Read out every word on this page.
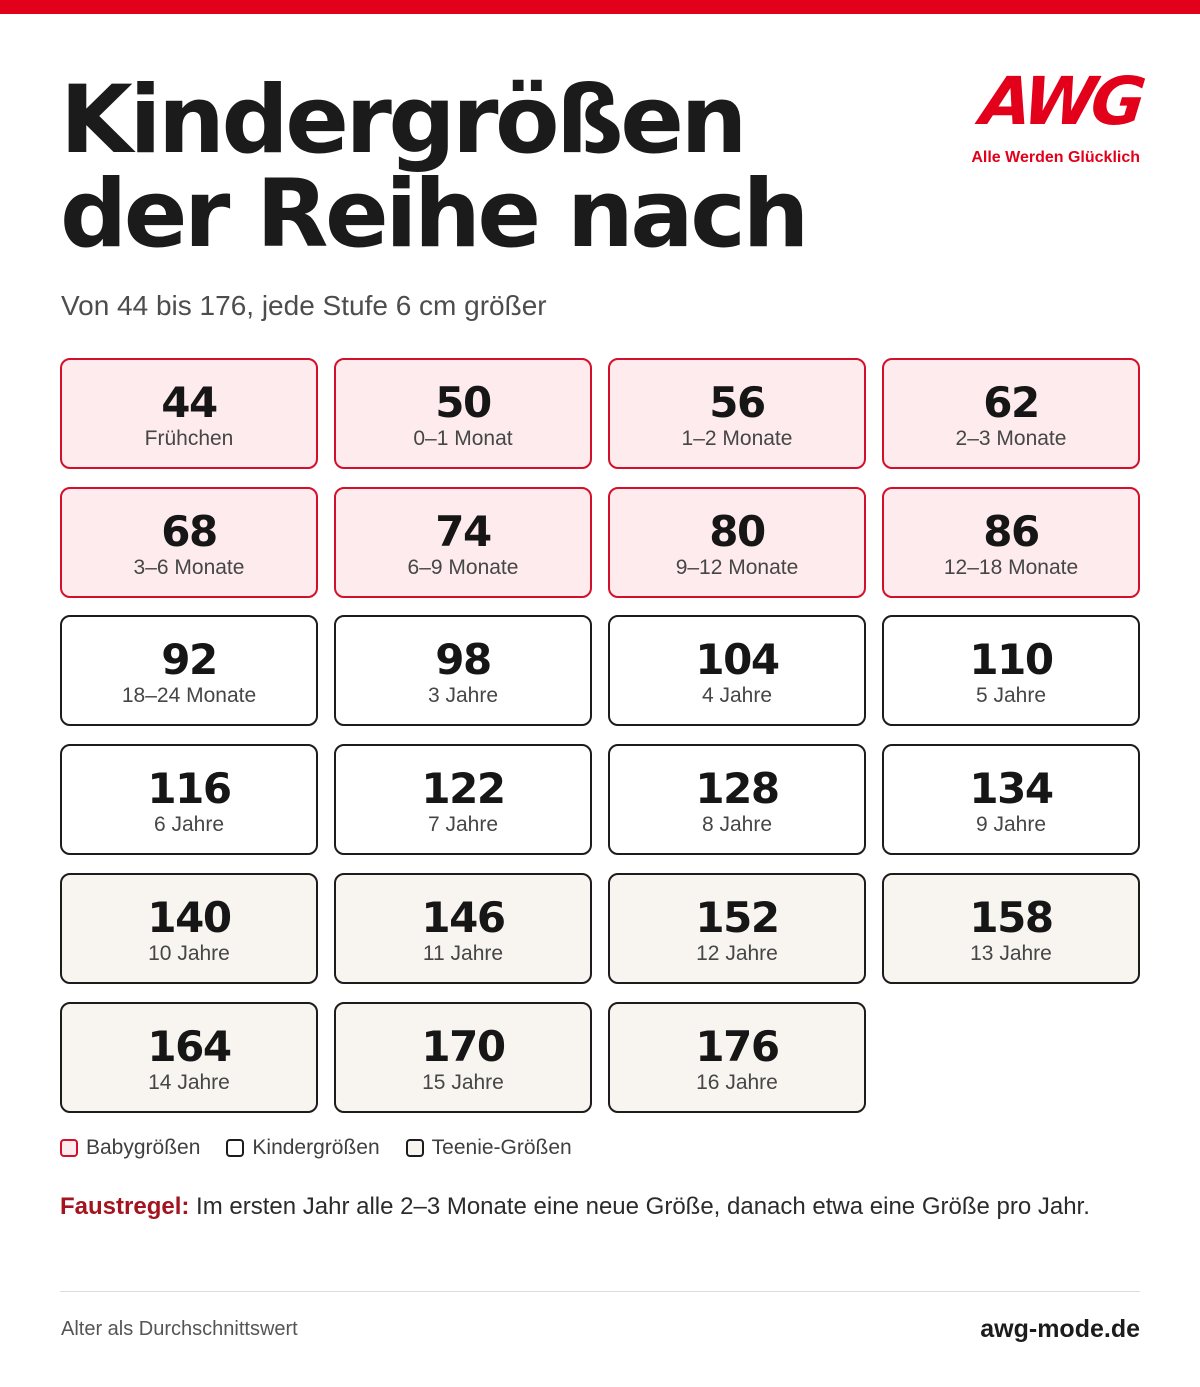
Kindergrößen
der Reihe nach
AWG
Alle Werden Glücklich

Von 44 bis 176, jede Stufe 6 cm größer

44
Frühchen
50
0–1 Monat
56
1–2 Monate
62
2–3 Monate
68
3–6 Monate
74
6–9 Monate
80
9–12 Monate
86
12–18 Monate
92
18–24 Monate
98
3 Jahre
104
4 Jahre
110
5 Jahre
116
6 Jahre
122
7 Jahre
128
8 Jahre
134
9 Jahre
140
10 Jahre
146
11 Jahre
152
12 Jahre
158
13 Jahre
164
14 Jahre
170
15 Jahre
176
16 Jahre
Babygrößen Kindergrößen Teenie-Größen

Faustregel: Im ersten Jahr alle 2–3 Monate eine neue Größe, danach etwa eine Größe pro Jahr.

Alter als Durchschnittswert	awg-mode.de
